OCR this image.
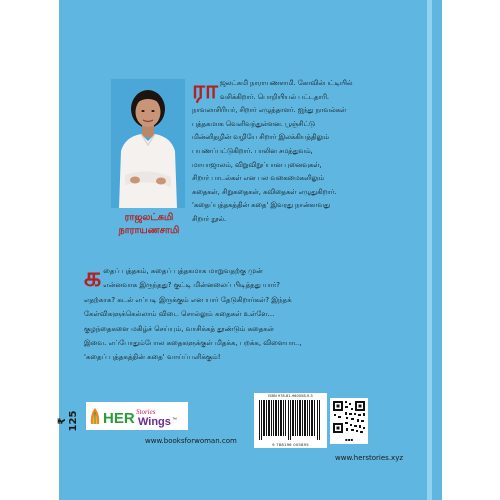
ராஜலட்சுமி
நாராயணசாமி
ரா ஜலட்சுமி நாராயணசாமி. கோவில்பட்டியில்
வசிக்கிறார். பொறியியல் பட்டதாரி.
நாவலாசிரியர், சிறார் எழுத்தாளர். ஐந்து நாவல்கள்
புத்தகமாக வெளிவந்துள்ளன. பூஞ்சிட்டு
மின்னிதழின் வழியே சிறார் இலக்கியத்திலும்
பயணப்பட்டுகிறார். பாலின சமத்துவம்,
மாயாஜாலம், விறுவிறுப்பான புனைவுகள்,
சிறார் பாடல்கள் என பல வகைமைகளிலும்
கதைகள், சிறுகதைகள், கவிதைகள் எழுதுகிறார்.
'கதைப்புத்தகத்தின் கதை' இவரது நான்காவது
சிறார் நூல்.
க தைப் புத்தகம், கதைப் புத்தகமாக மாறுவதற்கு முன்
என்னவாக இருந்தது? குட்டி மின்னலைப் பிடித்தது யார்?
எதற்காக? கடல் எப்படி இருக்கும் என யார் தேடுகிறார்கள்? இந்தக்
கேள்விகளுக்கெல்லாம் விடை சொல்லும் கதைகள் உள்ளே...
குழந்தைகளை மகிழ்ச் செய்யும், வாசிக்கத் தூண்டும் கதைகள்
இவை. எப்போதும்போல கதைகளுக்குள் மிதக்க, பறக்க, விளையாட,
'கதைப் புத்தகத்தின் கதை' வாய்ப்பளிக்கும்!
₹ 125 HER Stories
Wings ™
www.booksforwoman.com
ISBN 978-81-960058-9-5
9 788196 005895
▪▪▪
www.herstories.xyz
